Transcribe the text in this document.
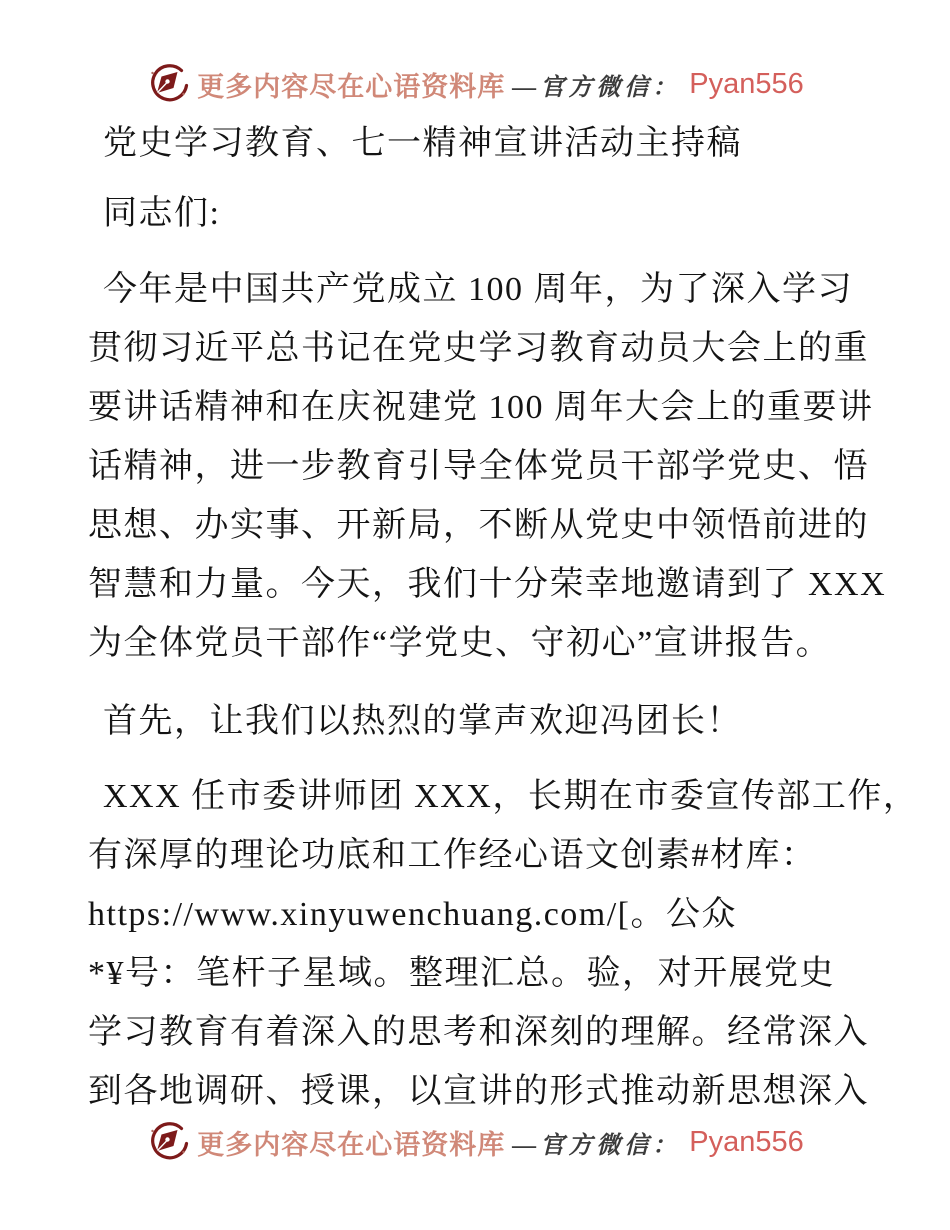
更多内容尽在心语资料库 —官方微信： Pyan556
党史学习教育、七一精神宣讲活动主持稿
同志们:
今年是中国共产党成立 100 周年，为了深入学习
贯彻习近平总书记在党史学习教育动员大会上的重
要讲话精神和在庆祝建党 100 周年大会上的重要讲
话精神，进一步教育引导全体党员干部学党史、悟
思想、办实事、开新局，不断从党史中领悟前进的
智慧和力量。今天，我们十分荣幸地邀请到了 XXX
为全体党员干部作“学党史、守初心”宣讲报告。
首先，让我们以热烈的掌声欢迎冯团长！
XXX 任市委讲师团 XXX，长期在市委宣传部工作，
有深厚的理论功底和工作经心语文创素#材库：
https://www.xinyuwenchuang.com/[。公众
*¥号：笔杆子星域。整理汇总。验，对开展党史
学习教育有着深入的思考和深刻的理解。经常深入
到各地调研、授课，以宣讲的形式推动新思想深入
更多内容尽在心语资料库 —官方微信： Pyan556
